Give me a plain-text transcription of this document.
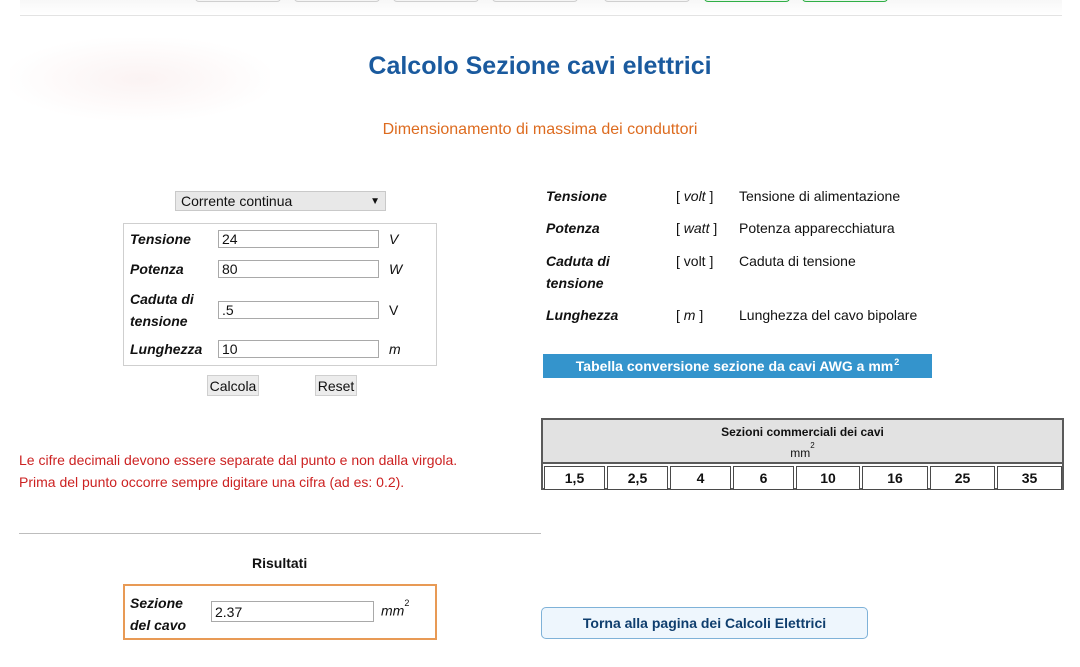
Calcolo Sezione cavi elettrici
Dimensionamento di massima dei conduttori
Corrente continua	▼
Tensione	24	V
Potenza	80	W
Caduta di
tensione
.5	V
Lunghezza	10	m
Calcola	Reset
Le cifre decimali devono essere separate dal punto e non dalla virgola.
Prima del punto occorre sempre digitare una cifra (ad es: 0.2).
Tensione	[ volt ]	Tensione di alimentazione
Potenza	[ watt ]	Potenza apparecchiatura
Caduta di
tensione
[ volt ]	Caduta di tensione
Lunghezza	[ m ]	Lunghezza del cavo bipolare
Tabella conversione sezione da cavi AWG a $mm^2$
Sezioni commerciali dei cavi
$mm^2$
1,5	2,5	4	6	10	16	25	35
Risultati
Sezione
del cavo
2.37	$mm^2$
Torna alla pagina dei Calcoli Elettrici
